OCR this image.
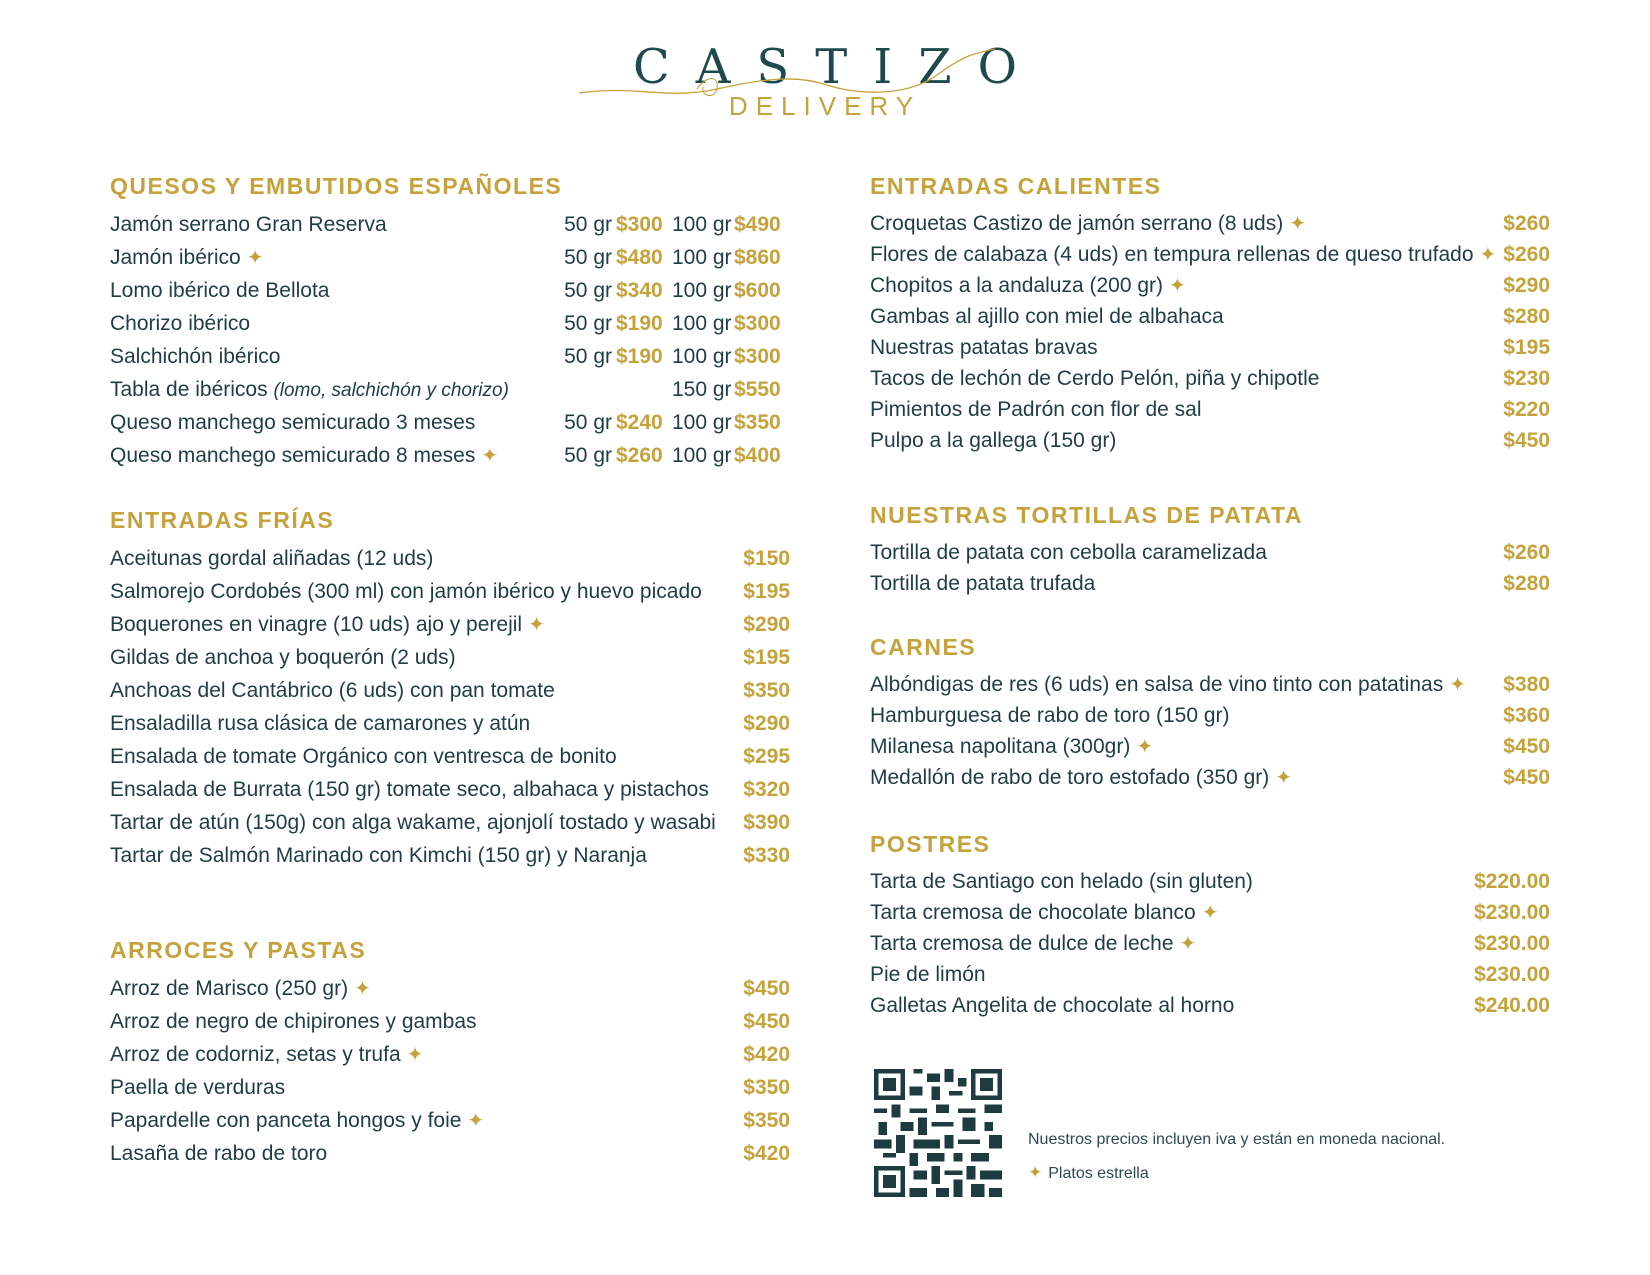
CASTIZO
DELIVERY
QUESOS Y EMBUTIDOS ESPAÑOLES
Jamón serrano Gran Reserva	50 gr $300 100 gr $490
Jamón ibérico ✦	50 gr $480 100 gr $860
Lomo ibérico de Bellota	50 gr $340 100 gr $600
Chorizo ibérico	50 gr $190 100 gr $300
Salchichón ibérico	50 gr $190 100 gr $300
Tabla de ibéricos (lomo, salchichón y chorizo)	150 gr $550
Queso manchego semicurado 3 meses	50 gr $240 100 gr $350
Queso manchego semicurado 8 meses ✦	50 gr $260 100 gr $400
ENTRADAS FRÍAS
Aceitunas gordal aliñadas (12 uds)	$150
Salmorejo Cordobés (300 ml) con jamón ibérico y huevo picado	$195
Boquerones en vinagre (10 uds) ajo y perejil ✦	$290
Gildas de anchoa y boquerón (2 uds)	$195
Anchoas del Cantábrico (6 uds) con pan tomate	$350
Ensaladilla rusa clásica de camarones y atún	$290
Ensalada de tomate Orgánico con ventresca de bonito	$295
Ensalada de Burrata (150 gr) tomate seco, albahaca y pistachos	$320
Tartar de atún (150g) con alga wakame, ajonjolí tostado y wasabi	$390
Tartar de Salmón Marinado con Kimchi (150 gr) y Naranja	$330
ARROCES Y PASTAS
Arroz de Marisco (250 gr) ✦	$450
Arroz de negro de chipirones y gambas	$450
Arroz de codorniz, setas y trufa ✦	$420
Paella de verduras	$350
Papardelle con panceta hongos y foie ✦	$350
Lasaña de rabo de toro	$420
ENTRADAS CALIENTES
Croquetas Castizo de jamón serrano (8 uds) ✦	$260
Flores de calabaza (4 uds) en tempura rellenas de queso trufado ✦ $260
Chopitos a la andaluza (200 gr) ✦	$290
Gambas al ajillo con miel de albahaca	$280
Nuestras patatas bravas	$195
Tacos de lechón de Cerdo Pelón, piña y chipotle	$230
Pimientos de Padrón con flor de sal	$220
Pulpo a la gallega (150 gr)	$450
NUESTRAS TORTILLAS DE PATATA
Tortilla de patata con cebolla caramelizada	$260
Tortilla de patata trufada	$280
CARNES
Albóndigas de res (6 uds) en salsa de vino tinto con patatinas ✦	$380
Hamburguesa de rabo de toro (150 gr)	$360
Milanesa napolitana (300gr) ✦	$450
Medallón de rabo de toro estofado (350 gr) ✦	$450
POSTRES
Tarta de Santiago con helado (sin gluten)	$220.00
Tarta cremosa de chocolate blanco ✦	$230.00
Tarta cremosa de dulce de leche ✦	$230.00
Pie de limón	$230.00
Galletas Angelita de chocolate al horno	$240.00
Nuestros precios incluyen iva y están en moneda nacional.
✦ Platos estrella
